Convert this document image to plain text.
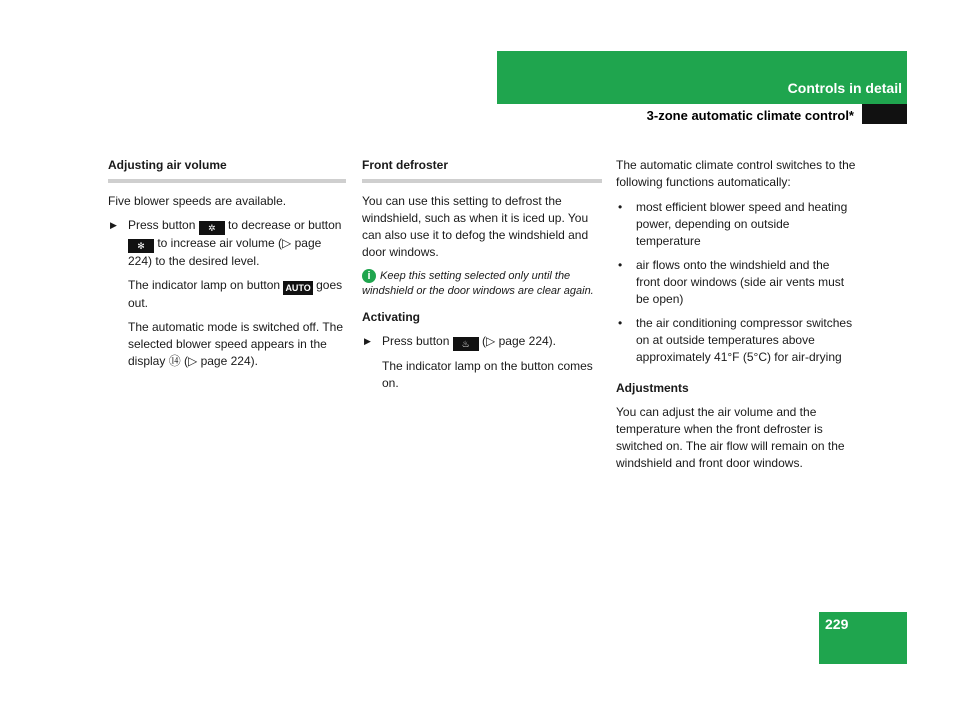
Controls in detail
3-zone automatic climate control*
Adjusting air volume

Five blower speeds are available.

▶ Press button ✲ to decrease or button ✻ to increase air volume (▷ page 224) to the desired level.

The indicator lamp on button AUTO goes out.

The automatic mode is switched off. The selected blower speed appears in the display ⑭ (▷ page 224).

Front defroster

You can use this setting to defrost the windshield, such as when it is iced up. You can also use it to defog the windshield and door windows.

i Keep this setting selected only until the windshield or the door windows are clear again.
Activating
▶ Press button ♨ (▷ page 224).

The indicator lamp on the button comes on.

The automatic climate control switches to the following functions automatically:

• most efficient blower speed and heating power, depending on outside temperature
• air flows onto the windshield and the front door windows (side air vents must be open)
• the air conditioning compressor switches on at outside temperatures above approximately 41°F (5°C) for air-drying
Adjustments

You can adjust the air volume and the temperature when the front defroster is switched on. The air flow will remain on the windshield and front door windows.

229
